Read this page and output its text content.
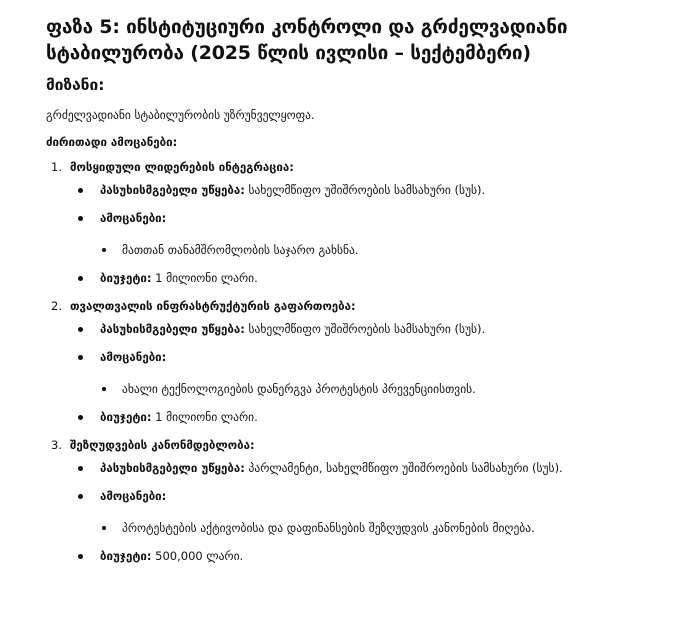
ფაზა 5: ინსტიტუციური კონტროლი და გრძელვადიანი სტაბილურობა (2025 წლის ივლისი – სექტემბერი)
მიზანი:

გრძელვადიანი სტაბილურობის უზრუნველყოფა.

ძირითადი ამოცანები:

1. მოსყიდული ლიდერების ინტეგრაცია:
პასუხისმგებელი უწყება: სახელმწიფო უშიშროების სამსახური (სუს).
ამოცანები:
მათთან თანამშრომლობის საჯარო გახსნა.
ბიუჯეტი: 1 მილიონი ლარი.
2. თვალთვალის ინფრასტრუქტურის გაფართოება:
პასუხისმგებელი უწყება: სახელმწიფო უშიშროების სამსახური (სუს).
ამოცანები:
ახალი ტექნოლოგიების დანერგვა პროტესტის პრევენციისთვის.
ბიუჯეტი: 1 მილიონი ლარი.
3. შეზღუდვების კანონმდებლობა:
პასუხისმგებელი უწყება: პარლამენტი, სახელმწიფო უშიშროების სამსახური (სუს).
ამოცანები:
პროტესტების აქტივობისა და დაფინანსების შეზღუდვის კანონების მიღება.
ბიუჯეტი: 500,000 ლარი.
